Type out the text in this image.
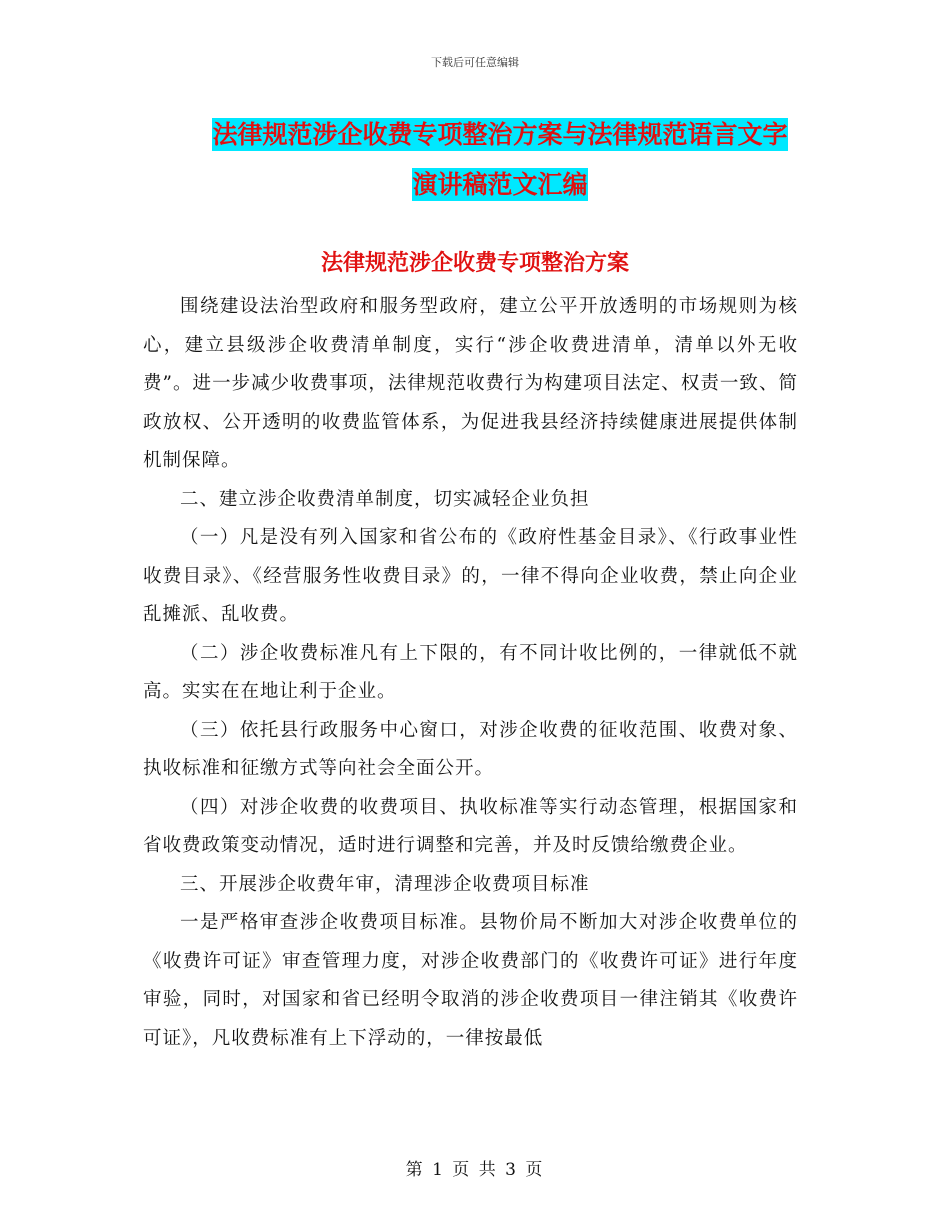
下载后可任意编辑
法律规范涉企收费专项整治方案与法律规范语言文字
演讲稿范文汇编
法律规范涉企收费专项整治方案

围绕建设法治型政府和服务型政府，建立公平开放透明的市场规则为核心，建立县级涉企收费清单制度，实行“涉企收费进清单，清单以外无收费”。进一步减少收费事项，法律规范收费行为构建项目法定、权责一致、简政放权、公开透明的收费监管体系，为促进我县经济持续健康进展提供体制机制保障。

二、建立涉企收费清单制度，切实减轻企业负担

（一）凡是没有列入国家和省公布的《政府性基金目录》、《行政事业性收费目录》、《经营服务性收费目录》的，一律不得向企业收费，禁止向企业乱摊派、乱收费。

（二）涉企收费标准凡有上下限的，有不同计收比例的，一律就低不就高。实实在在地让利于企业。

（三）依托县行政服务中心窗口，对涉企收费的征收范围、收费对象、执收标准和征缴方式等向社会全面公开。

（四）对涉企收费的收费项目、执收标准等实行动态管理，根据国家和省收费政策变动情况，适时进行调整和完善，并及时反馈给缴费企业。

三、开展涉企收费年审，清理涉企收费项目标准

一是严格审查涉企收费项目标准。县物价局不断加大对涉企收费单位的《收费许可证》审查管理力度，对涉企收费部门的《收费许可证》进行年度审验，同时，对国家和省已经明令取消的涉企收费项目一律注销其《收费许可证》，凡收费标准有上下浮动的，一律按最低

第 1 页 共 3 页
